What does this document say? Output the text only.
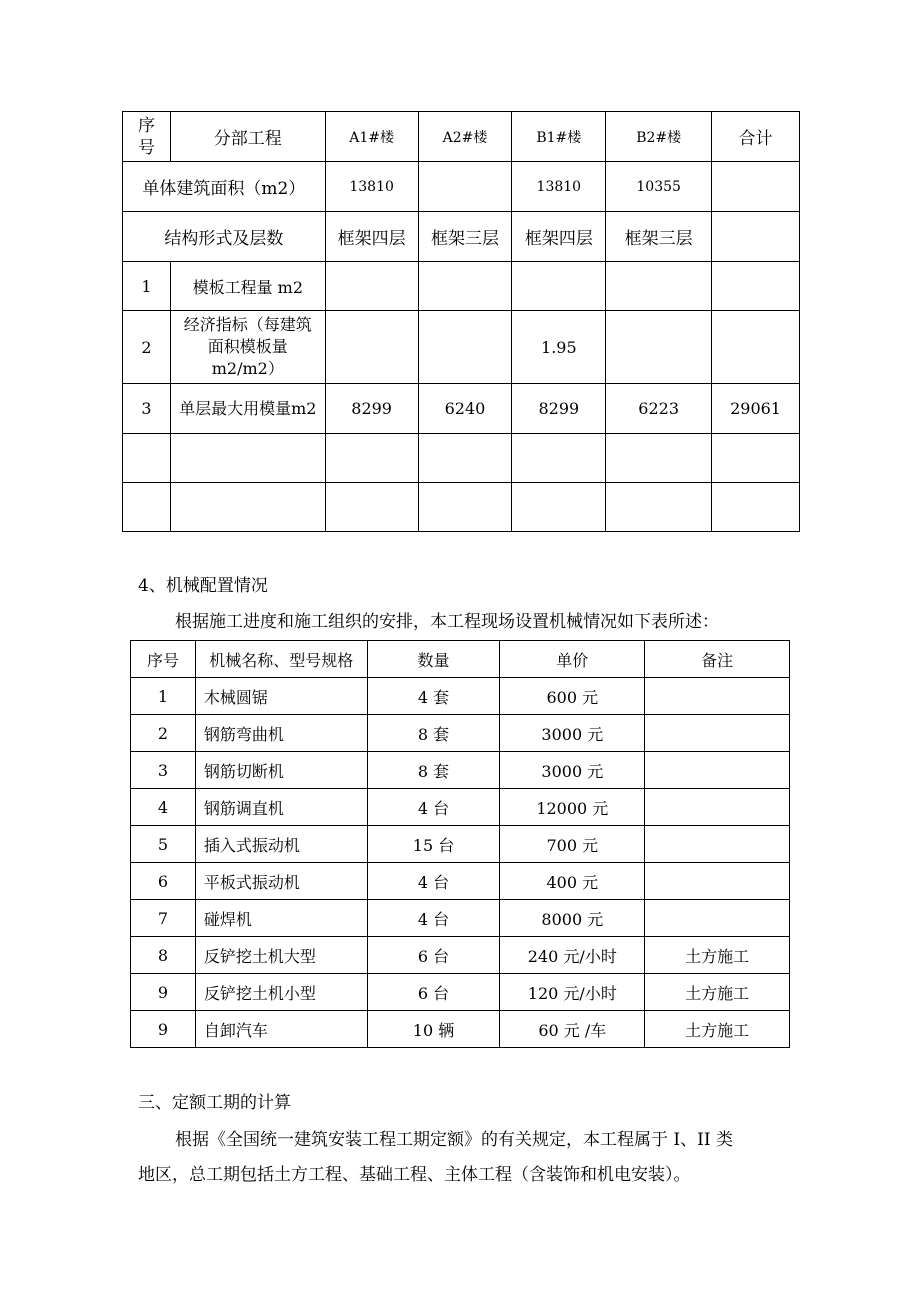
序号	分部工程	A1#楼	A2#楼	B1#楼	B2#楼	合计
单体建筑面积（m2）		13810		13810	10355	
结构形式及层数		框架四层	框架三层	框架四层	框架三层	
1	模板工程量 m2					
2	经济指标（每建筑面积模板量m2/m2）			1.95		
3	单层最大用模量m2	8299	6240	8299	6223	29061

4、机械配置情况

根据施工进度和施工组织的安排，本工程现场设置机械情况如下表所述：

序号	机械名称、型号规格	数量	单价	备注
1	木械圆锯	4 套	600 元	
2	钢筋弯曲机	8 套	3000 元	
3	钢筋切断机	8 套	3000 元	
4	钢筋调直机	4 台	12000 元	
5	插入式振动机	15 台	700 元	
6	平板式振动机	4 台	400 元	
7	碰焊机	4 台	8000 元	
8	反铲挖土机大型	6 台	240 元/小时	土方施工
9	反铲挖土机小型	6 台	120 元/小时	土方施工
9	自卸汽车	10 辆	60 元 /车	土方施工

三、定额工期的计算

根据《全国统一建筑安装工程工期定额》的有关规定，本工程属于 I、II 类

地区，总工期包括土方工程、基础工程、主体工程（含装饰和机电安装）。
